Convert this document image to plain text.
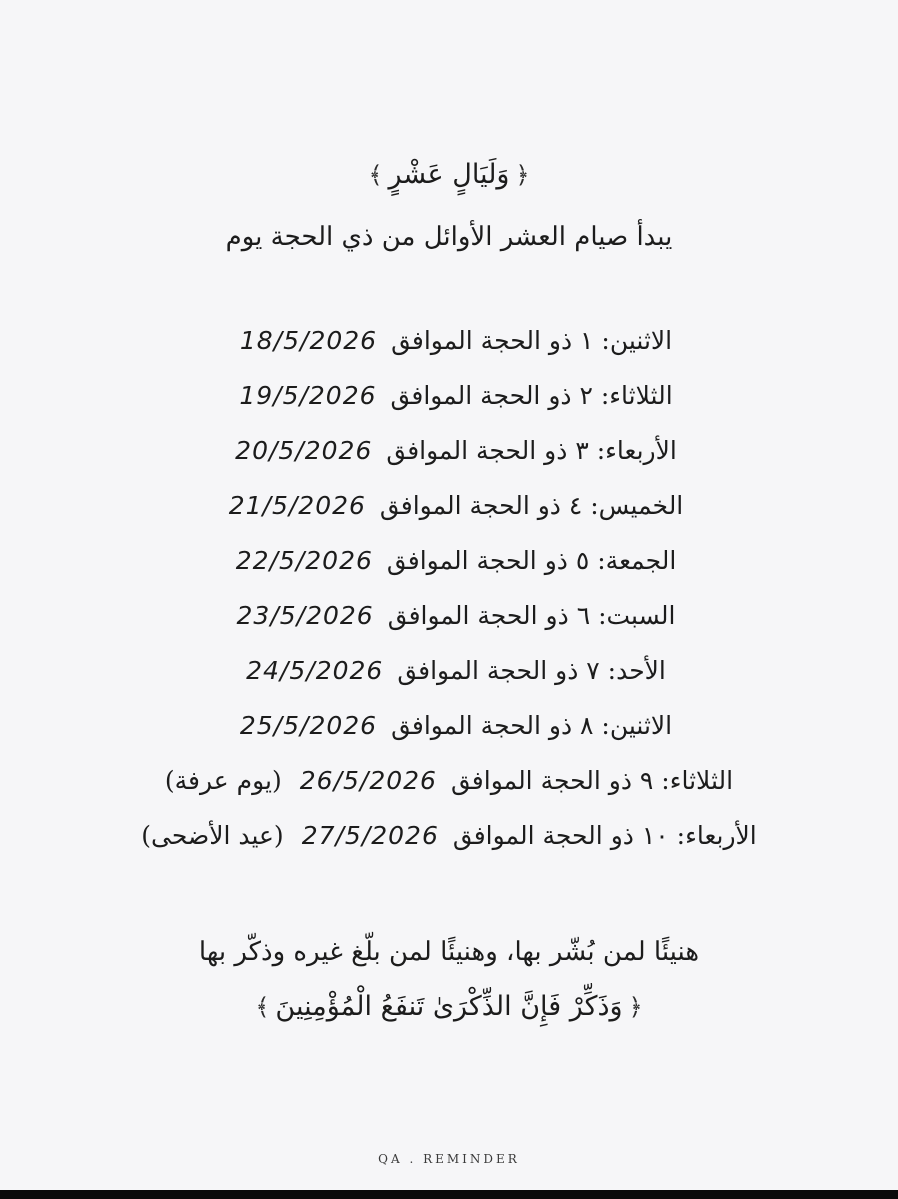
﴿وَلَيَالٍ عَشْرٍ﴾
يبدأ صيام العشر الأوائل من ذي الحجة يوم
الاثنين: ١ ذو الحجة الموافق18/5/2026
الثلاثاء: ٢ ذو الحجة الموافق19/5/2026
الأربعاء: ٣ ذو الحجة الموافق20/5/2026
الخميس: ٤ ذو الحجة الموافق21/5/2026
الجمعة: ٥ ذو الحجة الموافق22/5/2026
السبت: ٦ ذو الحجة الموافق23/5/2026
الأحد: ٧ ذو الحجة الموافق24/5/2026
الاثنين: ٨ ذو الحجة الموافق25/5/2026
الثلاثاء: ٩ ذو الحجة الموافق26/5/2026(يوم عرفة)
الأربعاء: ١٠ ذو الحجة الموافق27/5/2026(عيد الأضحى)
هنيئًا لمن بُشّر بها، وهنيئًا لمن بلّغ غيره وذكّر بها
﴿وَذَكِّرْ فَإِنَّ الذِّكْرَىٰ تَنفَعُ الْمُؤْمِنِينَ﴾
QA . REMINDER
